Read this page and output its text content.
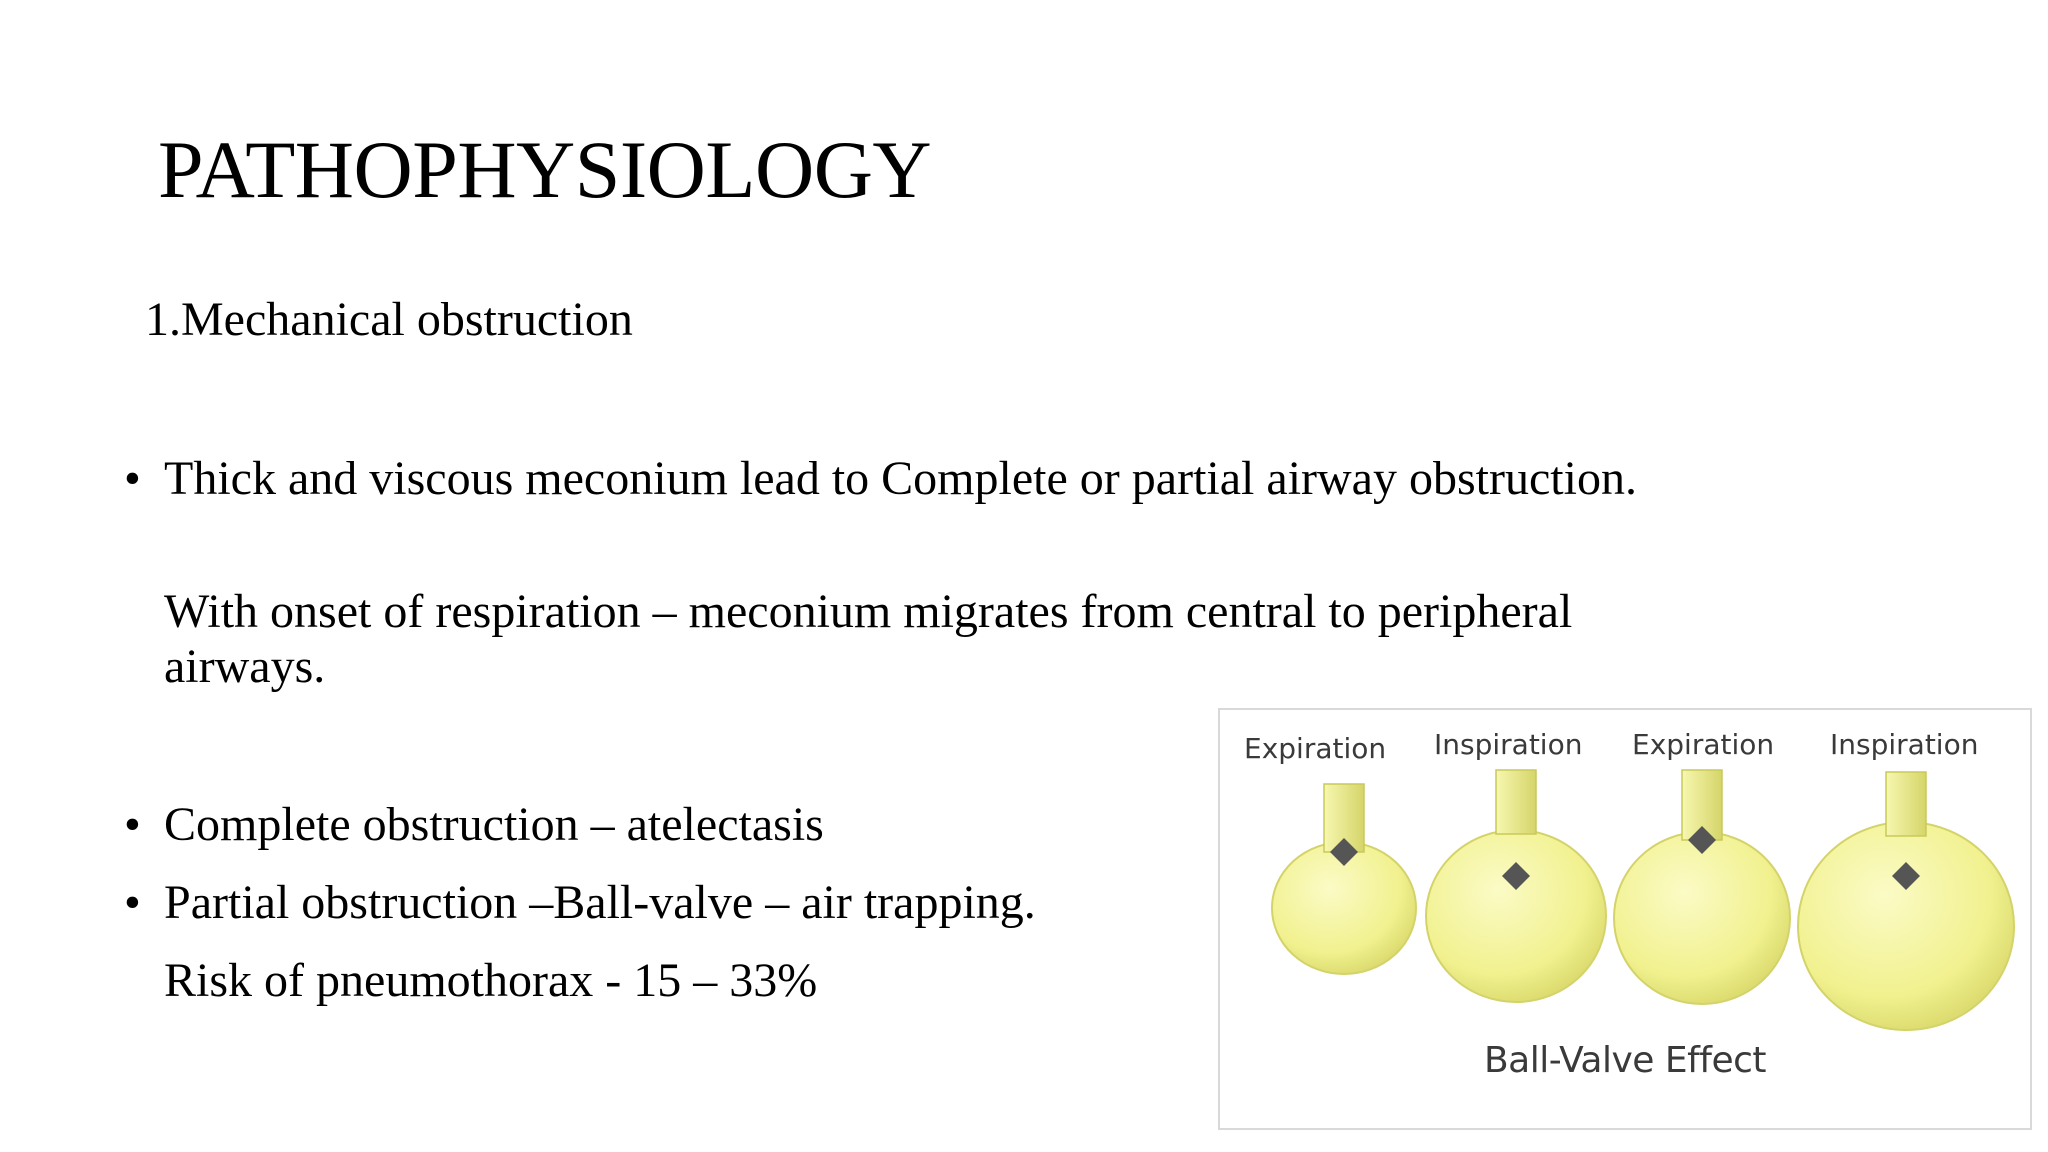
PATHOPHYSIOLOGY
1.Mechanical obstruction
• Thick and viscous meconium lead to Complete or partial airway obstruction.
With onset of respiration – meconium migrates from central to peripheral airways.
• Complete obstruction – atelectasis
• Partial obstruction –Ball-valve – air trapping.
Risk of pneumothorax - 15 – 33%
Expiration Inspiration Expiration Inspiration
Ball-Valve Effect
